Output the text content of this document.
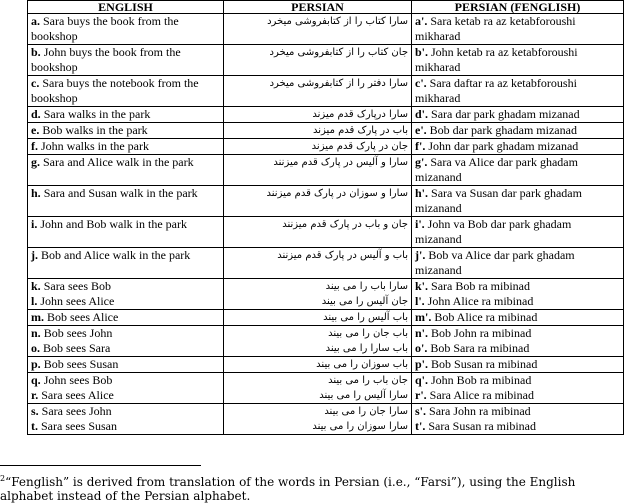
ENGLISH	PERSIAN	PERSIAN (FENGLISH)
a. Sara buys the book from the bookshop	سارا کتاب را از کتابفروشی میخرد	a'. Sara ketab ra az ketabforoushi mikharad
b. John buys the book from the bookshop	جان کتاب را از کتابفروشی میخرد	b'. John ketab ra az ketabforoushi mikharad
c. Sara buys the notebook from the bookshop	سارا دفتر را از کتابفروشی میخرد	c'. Sara daftar ra az ketabforoushi mikharad
d. Sara walks in the park	سارا درپارک قدم میزند	d'. Sara dar park ghadam mizanad
e. Bob walks in the park	باب در پارک قدم میزند	e'. Bob dar park ghadam mizanad
f. John walks in the park	جان در پارک قدم میزند	f'. John dar park ghadam mizanad
g. Sara and Alice walk in the park	سارا و آلیس در پارک قدم میزنند	g'. Sara va Alice dar park ghadam mizanand
h. Sara and Susan walk in the park	سارا و سوزان در پارک قدم میزنند	h'. Sara va Susan dar park ghadam mizanand
i. John and Bob walk in the park	جان و باب در پارک قدم میزنند	i'. John va Bob dar park ghadam mizanand
j. Bob and Alice walk in the park	باب و آلیس در پارک قدم میزنند	j'. Bob va Alice dar park ghadam mizanand
k. Sara sees Bob	سارا باب را می بیند	k'. Sara Bob ra mibinad
l. John sees Alice	جان آلیس را می بیند	l'. John Alice ra mibinad
m. Bob sees Alice	باب آلیس را می بیند	m'. Bob Alice ra mibinad
n. Bob sees John	باب جان را می بیند	n'. Bob John ra mibinad
o. Bob sees Sara	باب سارا را می بیند	o'. Bob Sara ra mibinad
p. Bob sees Susan	باب سوزان را می بیند	p'. Bob Susan ra mibinad
q. John sees Bob	جان باب را می بیند	q'. John Bob ra mibinad
r. Sara sees Alice	سارا آلیس را می بیند	r'. Sara Alice ra mibinad
s. Sara sees John	سارا جان را می بیند	s'. Sara John ra mibinad
t. Sara sees Susan	سارا سوزان را می بیند	t'. Sara Susan ra mibinad
$^2$“Fenglish” is derived from translation of the words in Persian (i.e., “Farsi”), using the English
alphabet instead of the Persian alphabet.
